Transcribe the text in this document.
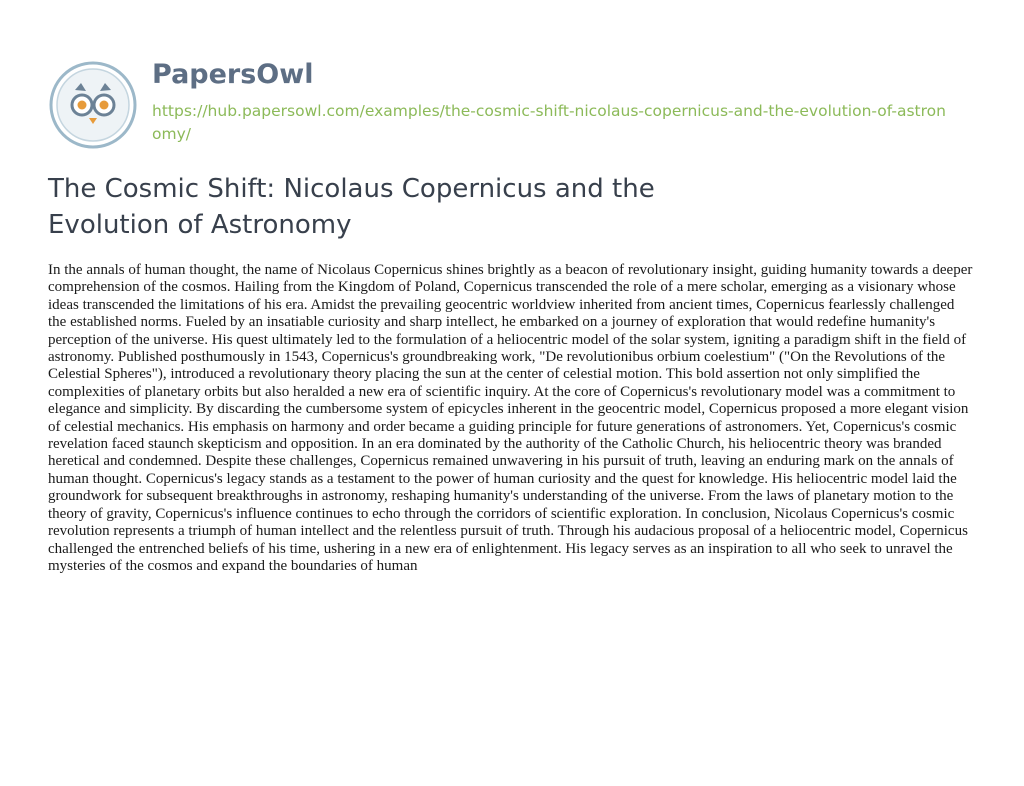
PapersOwl
https://hub.papersowl.com/examples/the-cosmic-shift-nicolaus-copernicus-and-the-evolution-of-astronomy/
The Cosmic Shift: Nicolaus Copernicus and the Evolution of Astronomy

In the annals of human thought, the name of Nicolaus Copernicus shines brightly as a beacon of revolutionary insight, guiding humanity towards a deeper comprehension of the cosmos. Hailing from the Kingdom of Poland, Copernicus transcended the role of a mere scholar, emerging as a visionary whose ideas transcended the limitations of his era. Amidst the prevailing geocentric worldview inherited from ancient times, Copernicus fearlessly challenged the established norms. Fueled by an insatiable curiosity and sharp intellect, he embarked on a journey of exploration that would redefine humanity's perception of the universe. His quest ultimately led to the formulation of a heliocentric model of the solar system, igniting a paradigm shift in the field of astronomy. Published posthumously in 1543, Copernicus's groundbreaking work, "De revolutionibus orbium coelestium" ("On the Revolutions of the Celestial Spheres"), introduced a revolutionary theory placing the sun at the center of celestial motion. This bold assertion not only simplified the complexities of planetary orbits but also heralded a new era of scientific inquiry. At the core of Copernicus's revolutionary model was a commitment to elegance and simplicity. By discarding the cumbersome system of epicycles inherent in the geocentric model, Copernicus proposed a more elegant vision of celestial mechanics. His emphasis on harmony and order became a guiding principle for future generations of astronomers. Yet, Copernicus's cosmic revelation faced staunch skepticism and opposition. In an era dominated by the authority of the Catholic Church, his heliocentric theory was branded heretical and condemned. Despite these challenges, Copernicus remained unwavering in his pursuit of truth, leaving an enduring mark on the annals of human thought. Copernicus's legacy stands as a testament to the power of human curiosity and the quest for knowledge. His heliocentric model laid the groundwork for subsequent breakthroughs in astronomy, reshaping humanity's understanding of the universe. From the laws of planetary motion to the theory of gravity, Copernicus's influence continues to echo through the corridors of scientific exploration. In conclusion, Nicolaus Copernicus's cosmic revolution represents a triumph of human intellect and the relentless pursuit of truth. Through his audacious proposal of a heliocentric model, Copernicus challenged the entrenched beliefs of his time, ushering in a new era of enlightenment. His legacy serves as an inspiration to all who seek to unravel the mysteries of the cosmos and expand the boundaries of human
